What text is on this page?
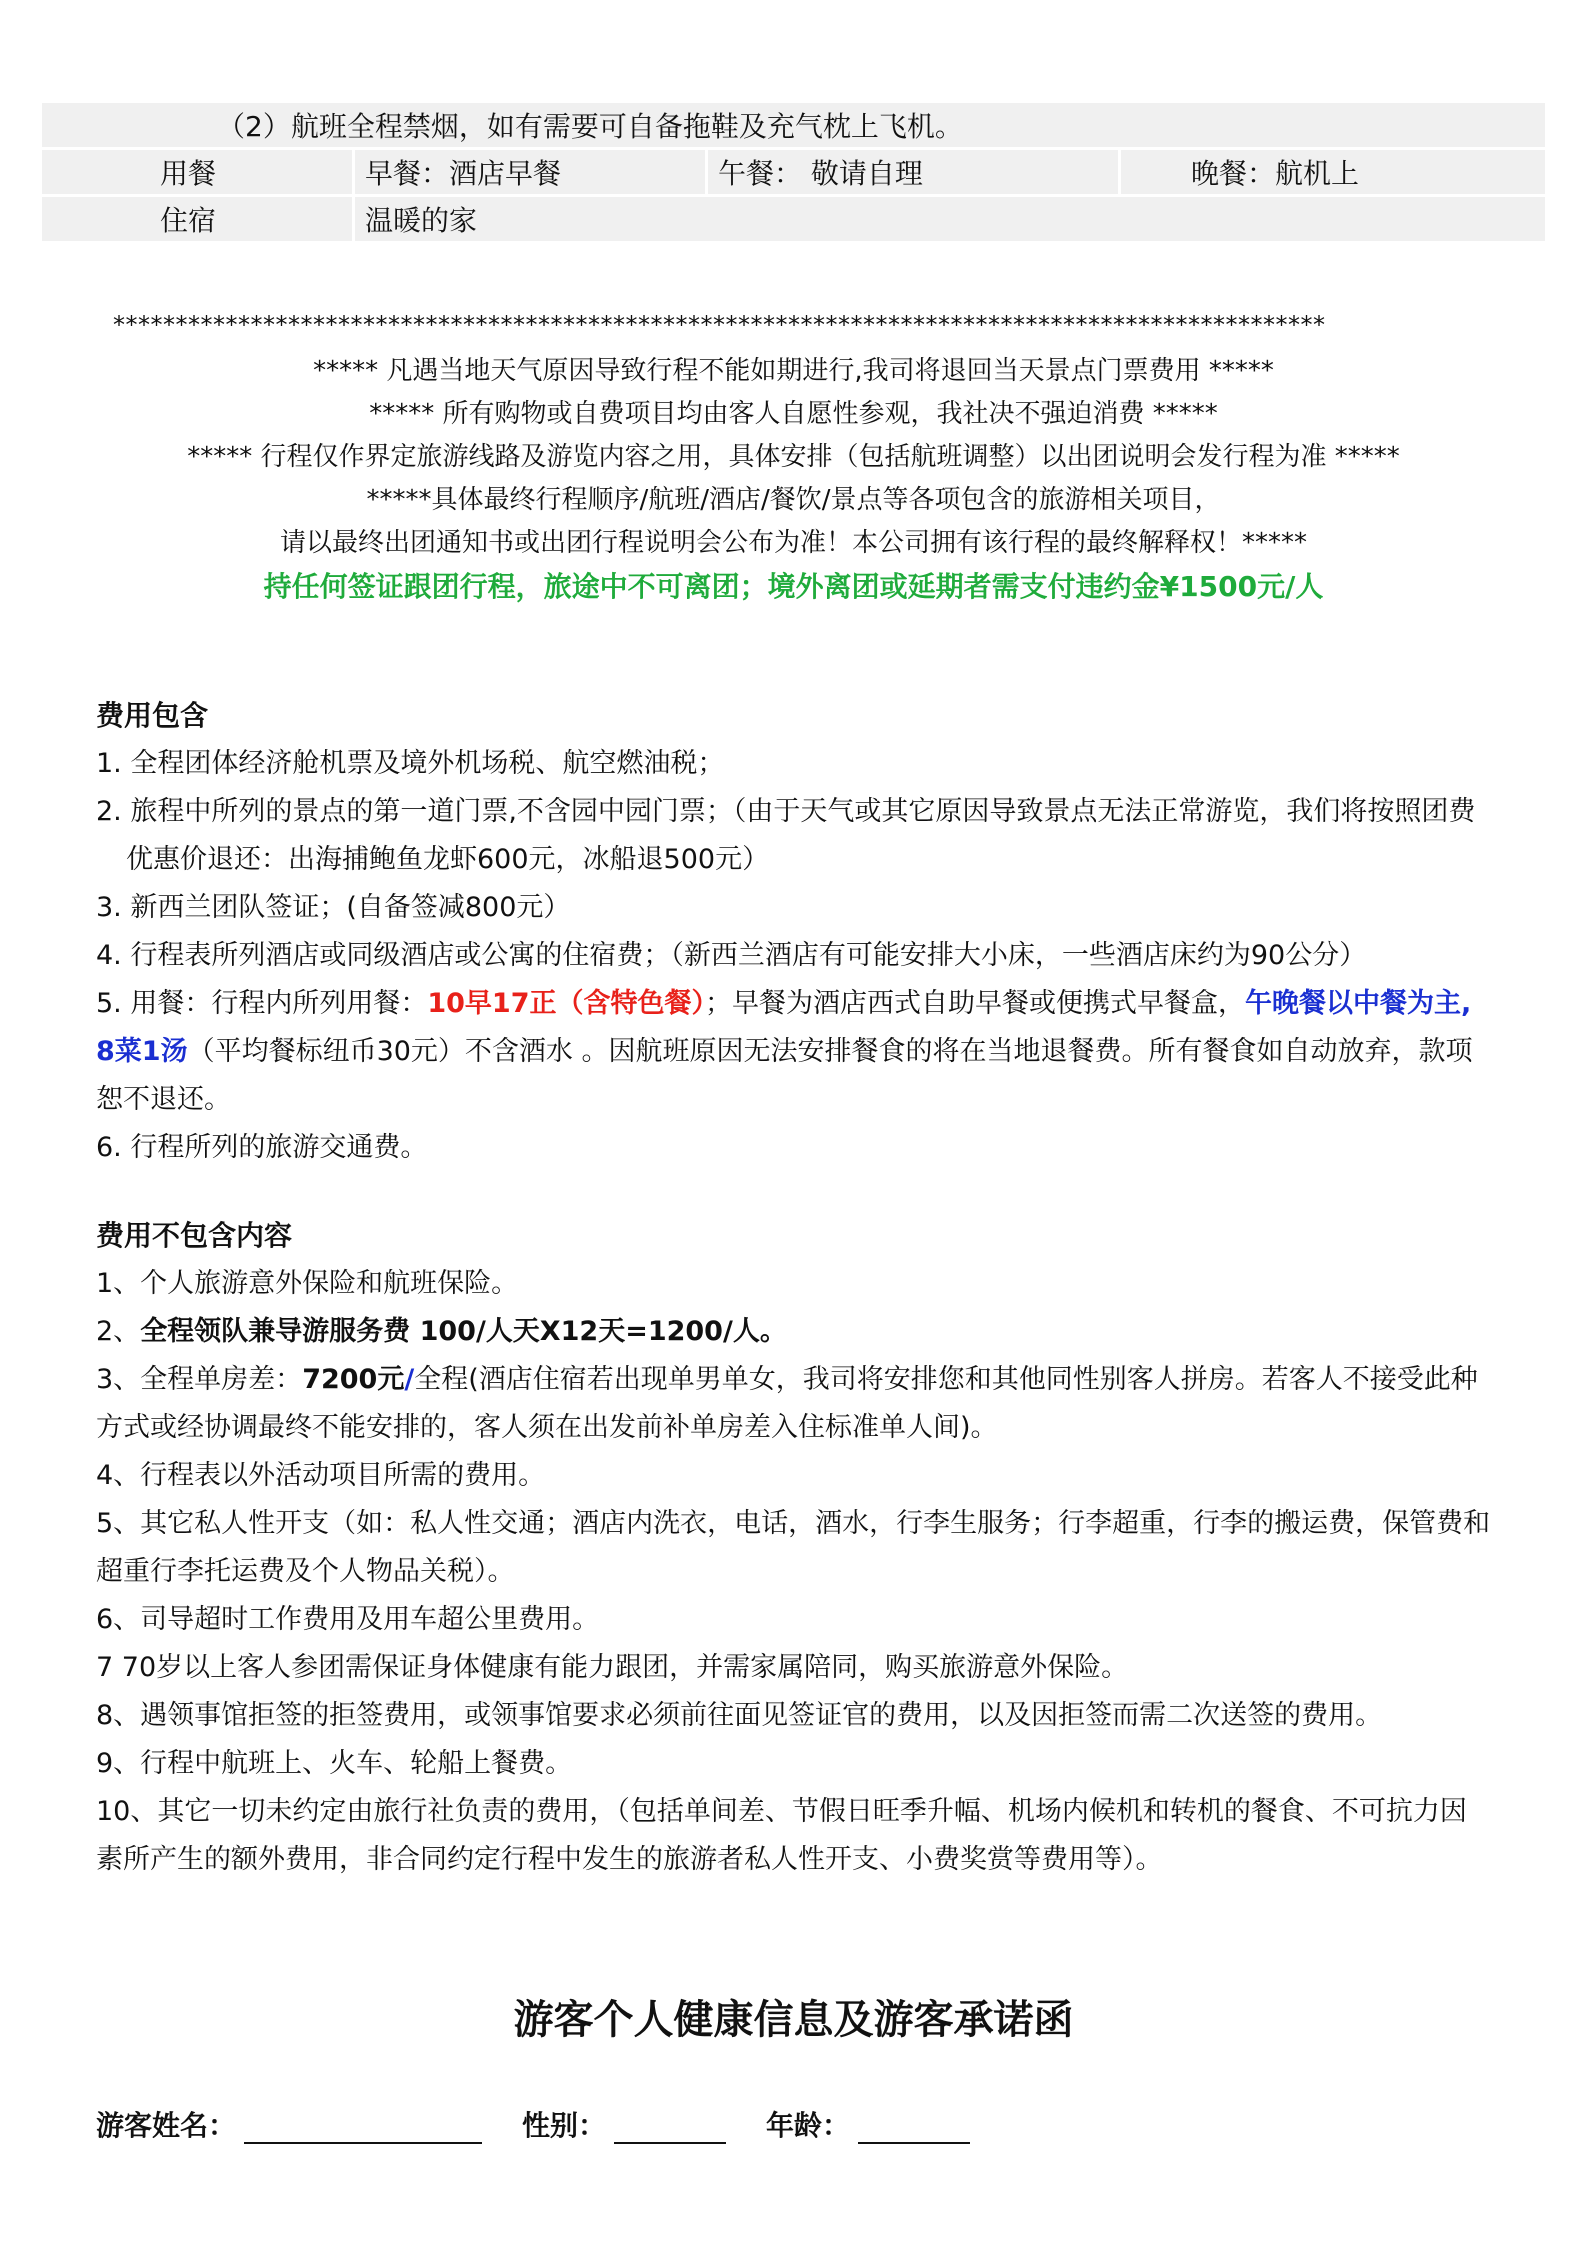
（2）航班全程禁烟，如有需要可自备拖鞋及充气枕上飞机。			
用餐	早餐：酒店早餐	午餐： 敬请自理	晚餐：航机上
住宿	温暖的家		
*************************************************************************************************
***** 凡遇当地天气原因导致行程不能如期进行,我司将退回当天景点门票费用 *****
***** 所有购物或自费项目均由客人自愿性参观，我社决不强迫消费 *****
***** 行程仅作界定旅游线路及游览内容之用，具体安排（包括航班调整）以出团说明会发行程为准 *****
*****具体最终行程顺序/航班/酒店/餐饮/景点等各项包含的旅游相关项目，
请以最终出团通知书或出团行程说明会公布为准！本公司拥有该行程的最终解释权！*****
持任何签证跟团行程，旅途中不可离团；境外离团或延期者需支付违约金¥1500元/人
费用包含

1. 全程团体经济舱机票及境外机场税、航空燃油税；

2. 旅程中所列的景点的第一道门票,不含园中园门票；（由于天气或其它原因导致景点无法正常游览，我们将按照团费

优惠价退还：出海捕鲍鱼龙虾600元，冰船退500元）

3. 新西兰团队签证；(自备签减800元）

4. 行程表所列酒店或同级酒店或公寓的住宿费；（新西兰酒店有可能安排大小床，一些酒店床约为90公分）

5. 用餐：行程内所列用餐：10早17正（含特色餐）；早餐为酒店西式自助早餐或便携式早餐盒，午晚餐以中餐为主,

8菜1汤（平均餐标纽币30元）不含酒水 。因航班原因无法安排餐食的将在当地退餐费。所有餐食如自动放弃，款项

恕不退还。

6. 行程所列的旅游交通费。

费用不包含内容

1、个人旅游意外保险和航班保险。

2、全程领队兼导游服务费 100/人天X12天=1200/人。

3、全程单房差：7200元/全程(酒店住宿若出现单男单女，我司将安排您和其他同性别客人拼房。若客人不接受此种

方式或经协调最终不能安排的，客人须在出发前补单房差入住标准单人间)。

4、行程表以外活动项目所需的费用。

5、其它私人性开支（如：私人性交通；酒店内洗衣，电话，酒水，行李生服务；行李超重，行李的搬运费，保管费和

超重行李托运费及个人物品关税）。

6、司导超时工作费用及用车超公里费用。

7 70岁以上客人参团需保证身体健康有能力跟团，并需家属陪同，购买旅游意外保险。

8、遇领事馆拒签的拒签费用，或领事馆要求必须前往面见签证官的费用，以及因拒签而需二次送签的费用。

9、行程中航班上、火车、轮船上餐费。

10、其它一切未约定由旅行社负责的费用，（包括单间差、节假日旺季升幅、机场内候机和转机的餐食、不可抗力因

素所产生的额外费用，非合同约定行程中发生的旅游者私人性开支、小费奖赏等费用等）。

游客个人健康信息及游客承诺函
游客姓名：	性别：	年龄：
